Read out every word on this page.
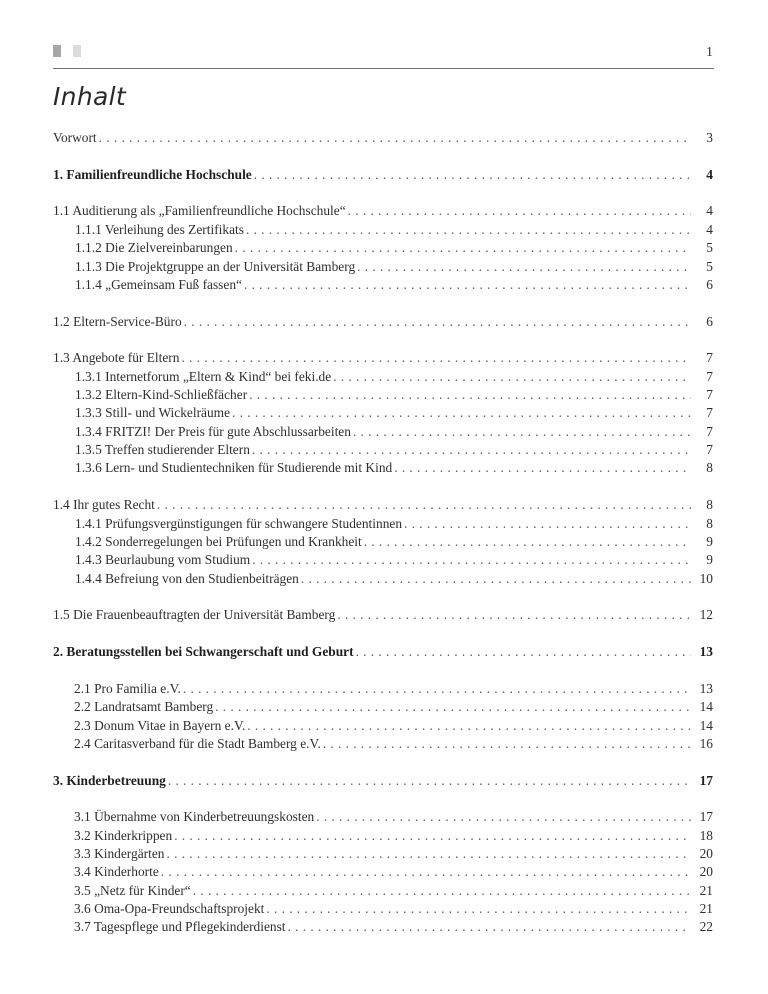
1
Inhalt
Vorwort . . .	3
1. Familienfreundliche Hochschule . . .	4
1.1 Auditierung als „Familienfreundliche Hochschule“ . . .	4
1.1.1 Verleihung des Zertifikats . . .	4
1.1.2 Die Zielvereinbarungen . . .	5
1.1.3 Die Projektgruppe an der Universität Bamberg . . .	5
1.1.4 „Gemeinsam Fuß fassen“ . . .	6
1.2 Eltern-Service-Büro . . .	6
1.3 Angebote für Eltern . . .	7
1.3.1 Internetforum „Eltern & Kind“ bei feki.de . . .	7
1.3.2 Eltern-Kind-Schließfächer . . .	7
1.3.3 Still- und Wickelräume . . .	7
1.3.4 FRITZI! Der Preis für gute Abschlussarbeiten . . .	7
1.3.5 Treffen studierender Eltern . . .	7
1.3.6 Lern- und Studientechniken für Studierende mit Kind . . .	8
1.4 Ihr gutes Recht . . .	8
1.4.1 Prüfungsvergünstigungen für schwangere Studentinnen . . .	8
1.4.2 Sonderregelungen bei Prüfungen und Krankheit . . .	9
1.4.3 Beurlaubung vom Studium . . .	9
1.4.4 Befreiung von den Studienbeiträgen . . .	10
1.5 Die Frauenbeauftragten der Universität Bamberg . . .	12
2. Beratungsstellen bei Schwangerschaft und Geburt . . .	13
2.1 Pro Familia e.V. . . .	13
2.2 Landratsamt Bamberg . . .	14
2.3 Donum Vitae in Bayern e.V. . . .	14
2.4 Caritasverband für die Stadt Bamberg e.V. . . .	16
3. Kinderbetreuung . . .	17
3.1 Übernahme von Kinderbetreuungskosten . . .	17
3.2 Kinderkrippen . . .	18
3.3 Kindergärten . . .	20
3.4 Kinderhorte . . .	20
3.5 „Netz für Kinder“ . . .	21
3.6 Oma-Opa-Freundschaftsprojekt . . .	21
3.7 Tagespflege und Pflegekinderdienst . . .	22
